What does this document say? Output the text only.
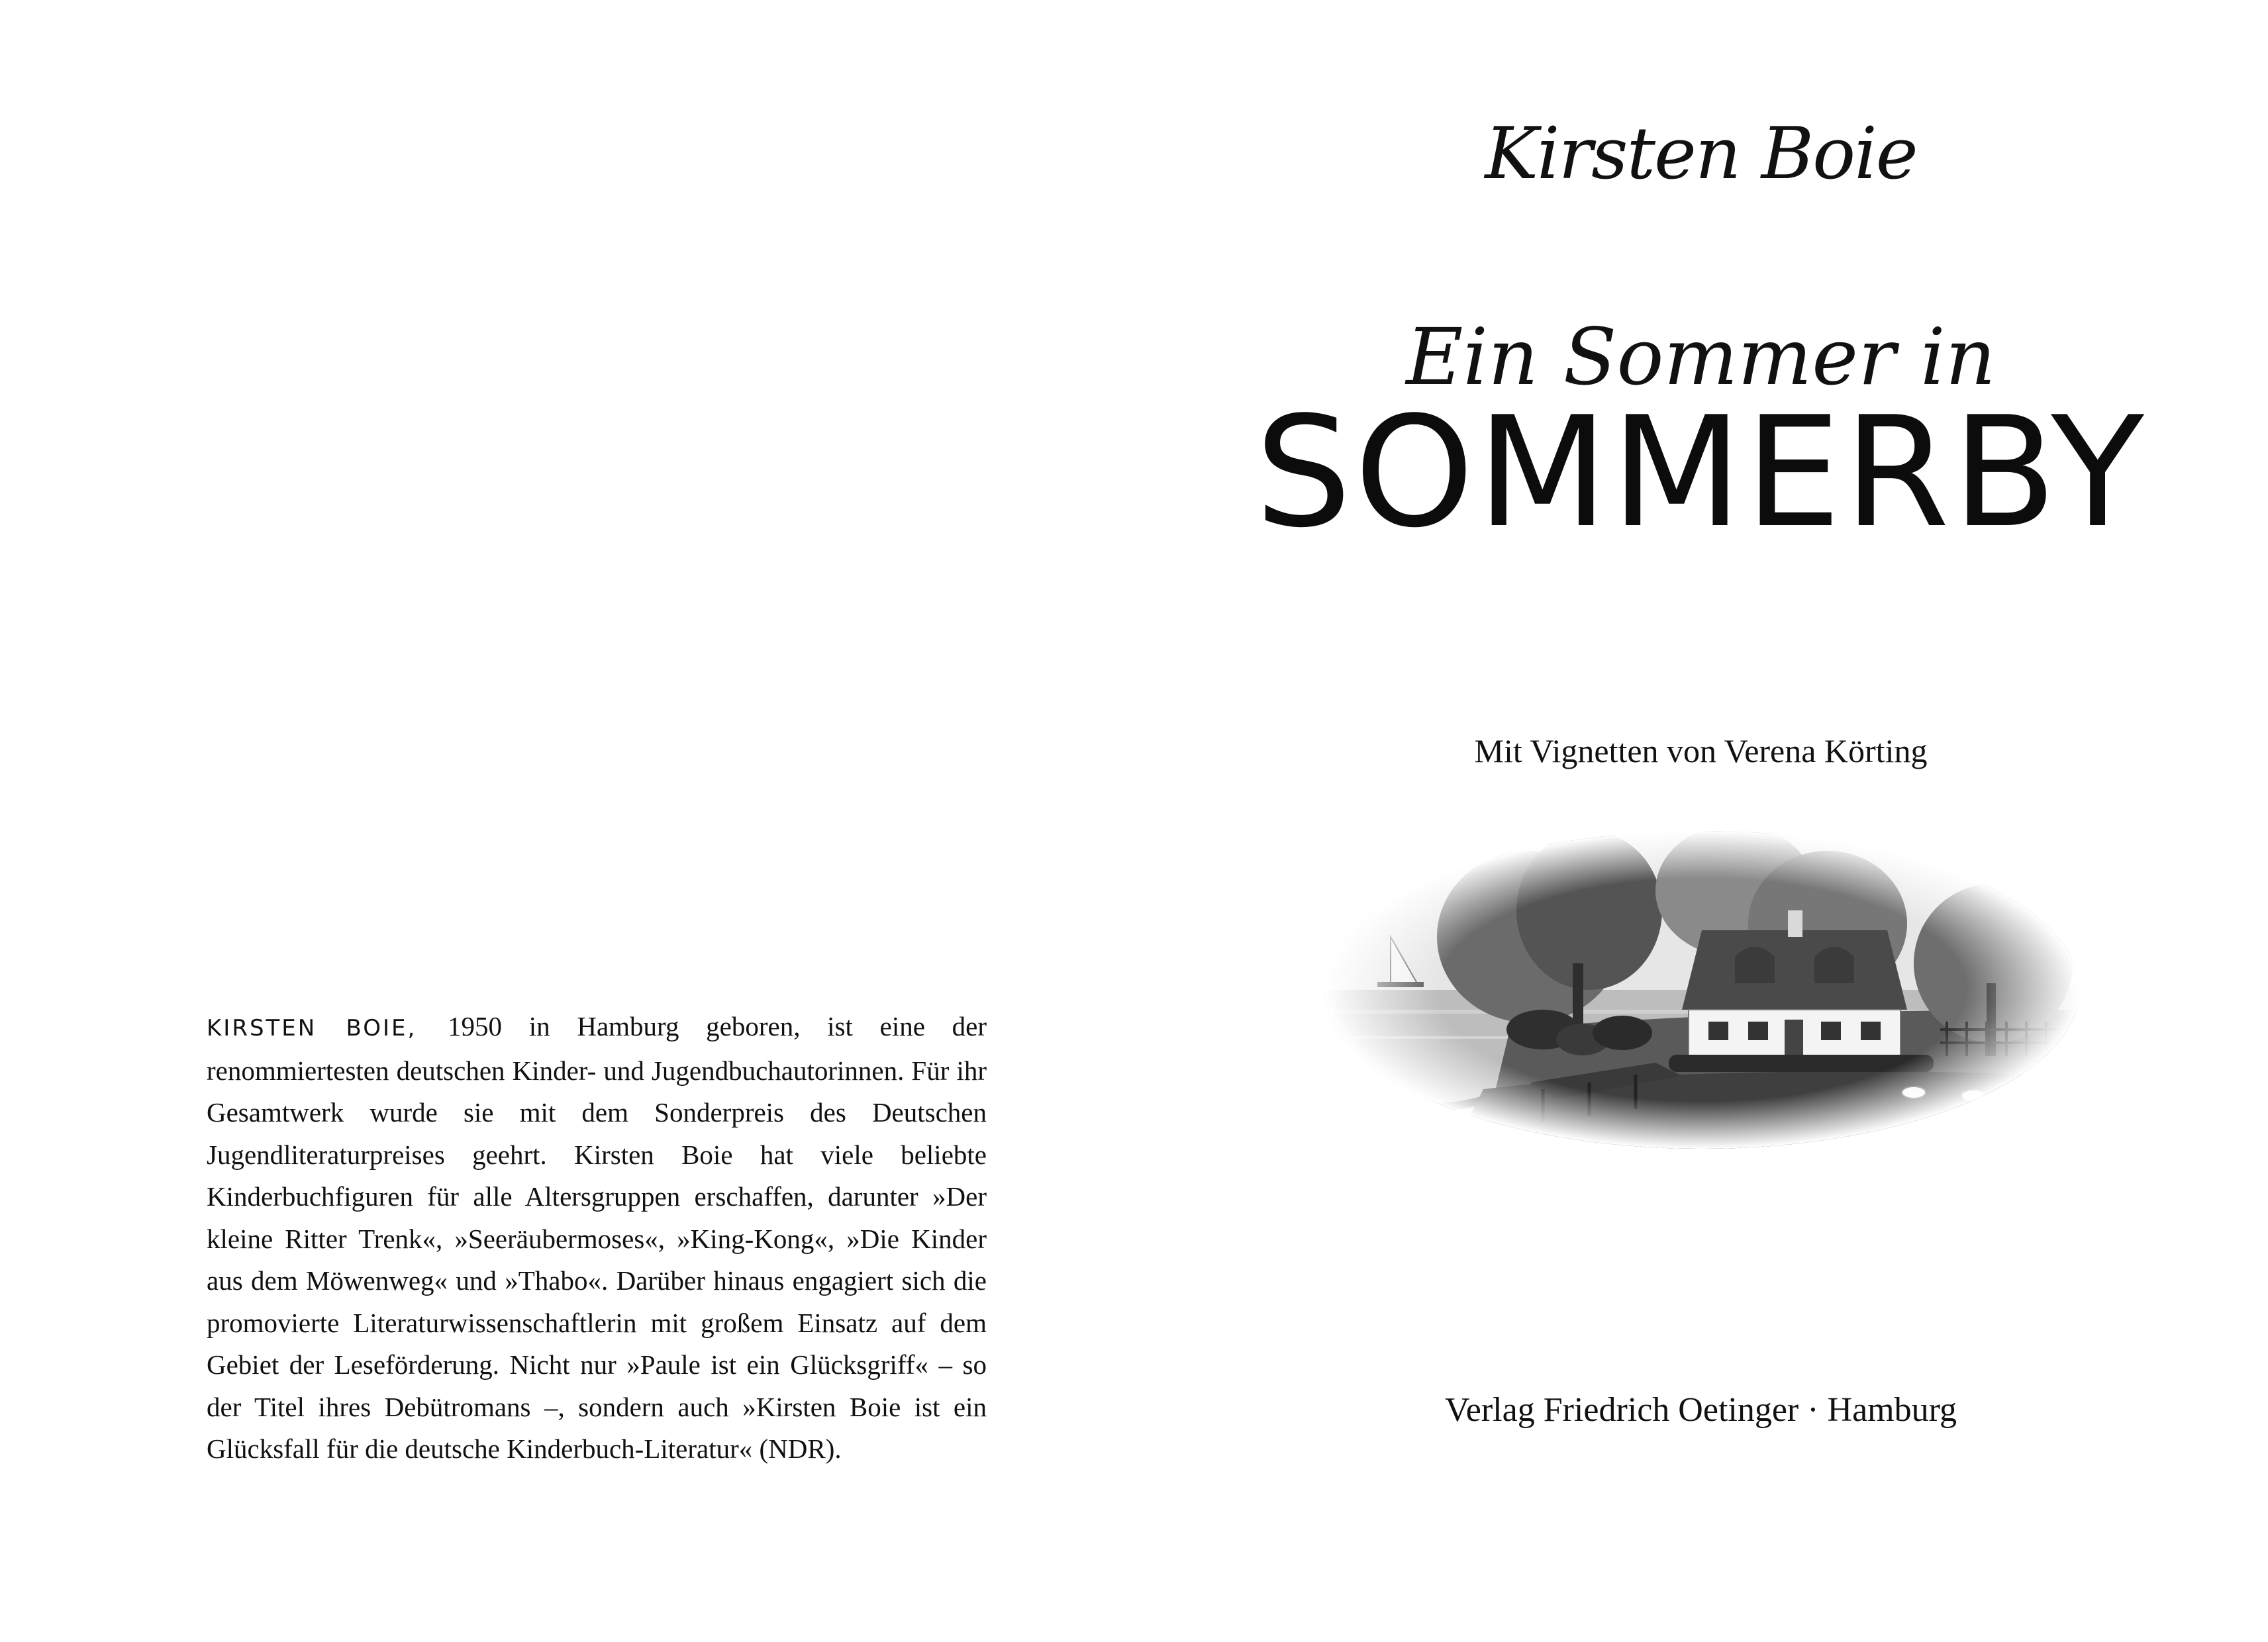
KIRSTEN BOIE, 1950 in Hamburg geboren, ist eine der renommiertesten deutschen Kinder- und Jugendbuchautorinnen. Für ihr Gesamtwerk wurde sie mit dem Sonderpreis des Deutschen Jugendliteraturpreises geehrt. Kirsten Boie hat viele beliebte Kinderbuchfiguren für alle Altersgruppen erschaffen, darunter »Der kleine Ritter Trenk«, »Seeräubermoses«, »King-Kong«, »Die Kinder aus dem Möwenweg« und »Thabo«. Darüber hinaus engagiert sich die promovierte Literaturwissenschaftlerin mit großem Einsatz auf dem Gebiet der Leseförderung. Nicht nur »Paule ist ein Glücksgriff« – so der Titel ihres Debütromans –, sondern auch »Kirsten Boie ist ein Glücksfall für die deutsche Kinderbuch-Literatur« (NDR).

Kirsten Boie
Ein Sommer in
SOMMERBY
Mit Vignetten von Verena Körting
Verlag Friedrich Oetinger · Hamburg
